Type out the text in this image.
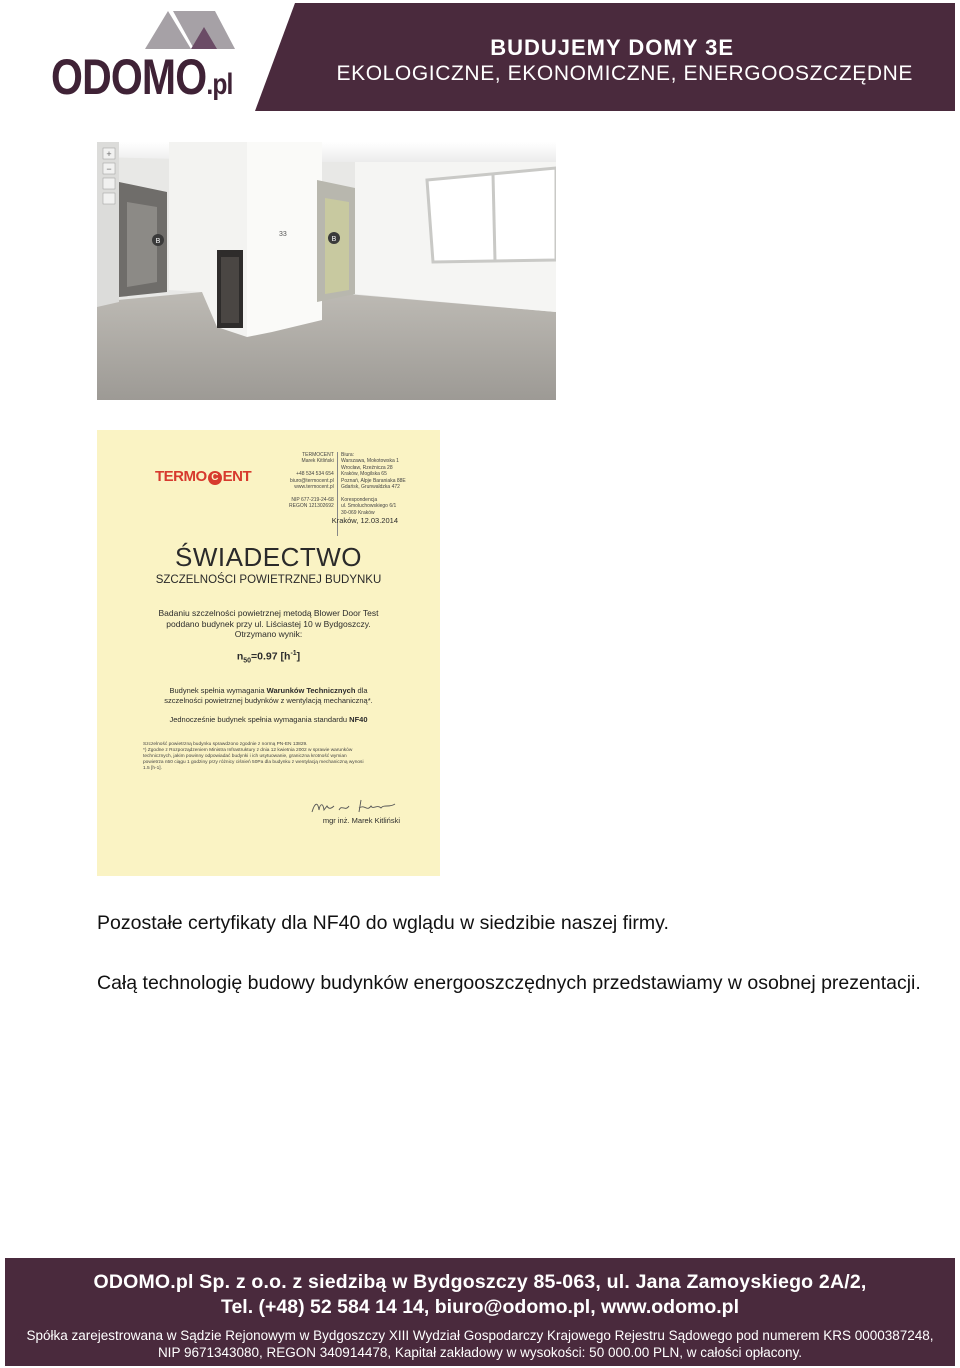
ODOMO.pl
BUDUJEMY DOMY 3E
EKOLOGICZNE, EKONOMICZNE, ENERGOOSZCZĘDNE
B	B
33
+
−
TERMO C ENT
TERMOCENT
Marek Kitliński

+48 534 534 654
biuro@termocent.pl
www.termocent.pl

NIP 677-219-24-68
REGON 121302692
Biura:
Warszawa, Mokotowska 1
Wrocław, Rzeźnicza 28
Kraków, Mogilska 65
Poznań, Alpje Baraniaka 88E
Gdańsk, Grunwaldzka 472

Korespondencja
ul. Smoluchowskiego 6/1
30-069 Kraków
Kraków, 12.03.2014
ŚWIADECTWO
SZCZELNOŚCI POWIETRZNEJ BUDYNKU
Badaniu szczelności powietrznej metodą Blower Door Test
poddano budynek przy ul. Liściastej 10 w Bydgoszczy.
Otrzymano wynik:
$n_{50}=0.97$ $[h^{-1}]$
Budynek spełnia wymagania Warunków Technicznych dla
szczelności powietrznej budynków z wentylacją mechaniczną*.
Jednocześnie budynek spełnia wymagania standardu NF40
Szczelność powietrzną budynku sprawdzono zgodnie z normą PN-EN 13829.
*) Zgodne z Rozporządzeniem Ministra Infrastruktury z dnia 12 kwietnia 2002 w sprawie warunków
technicznych, jakim powinny odpowiadać budynki i ich usytuowanie, graniczna krotność wymian
powietrza n50 ciągu 1 godziny przy różnicy ciśnień 50Pa dla budynku z wentylacją mechaniczną wynosi
1.5 [h-1].
mgr inż. Marek Kitliński

Pozostałe certyfikaty dla NF40 do wglądu w siedzibie naszej firmy.

Całą technologię budowy budynków energooszczędnych przedstawiamy w osobnej prezentacji.

ODOMO.pl Sp. z o.o. z siedzibą w Bydgoszczy 85-063, ul. Jana Zamoyskiego 2A/2,
Tel. (+48) 52 584 14 14, biuro@odomo.pl, www.odomo.pl
Spółka zarejestrowana w Sądzie Rejonowym w Bydgoszczy XIII Wydział Gospodarczy Krajowego Rejestru Sądowego pod numerem KRS 0000387248,
NIP 9671343080, REGON 340914478, Kapitał zakładowy w wysokości: 50 000.00 PLN, w całości opłacony.
